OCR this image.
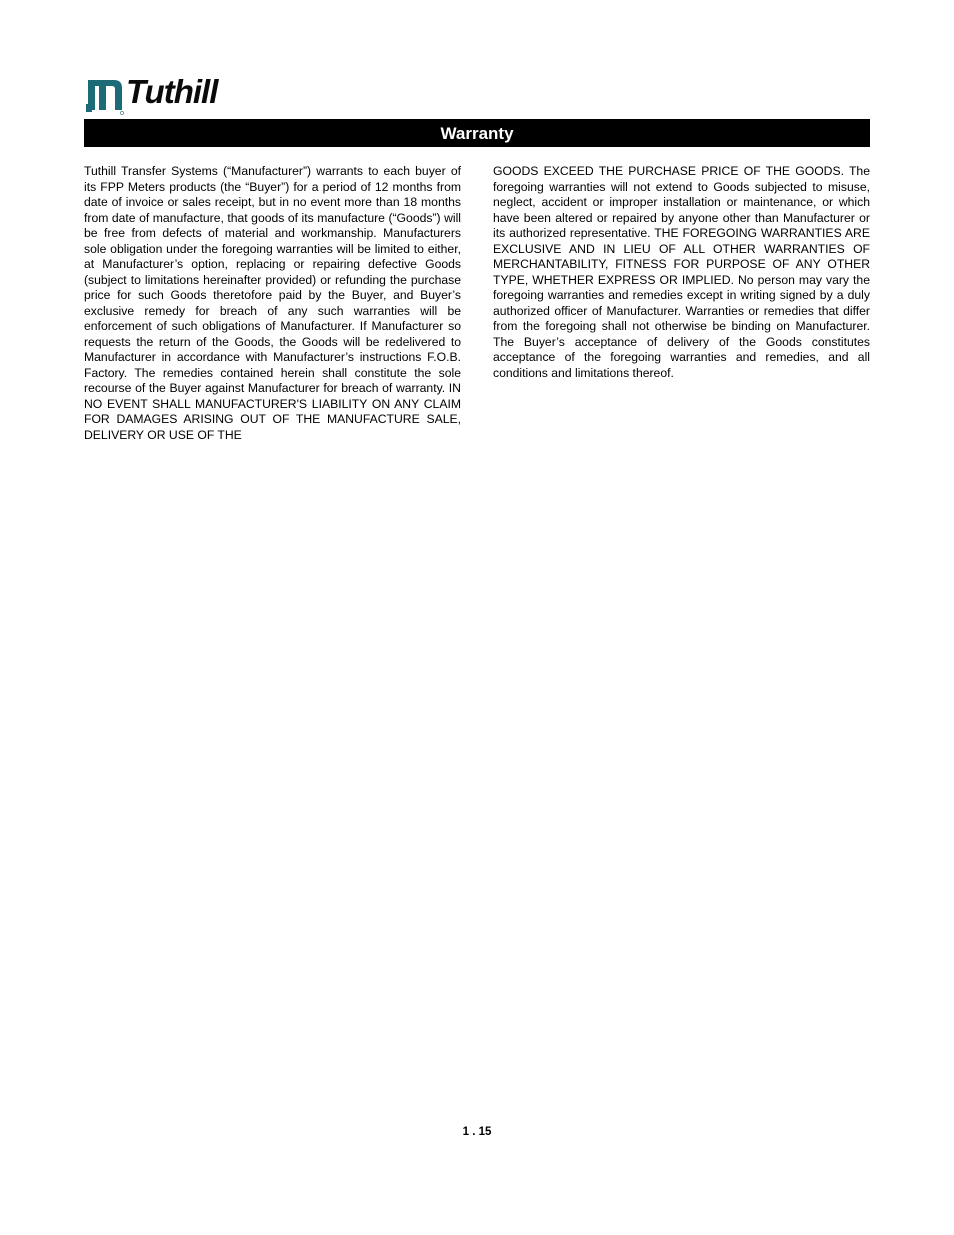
Tuthill
Warranty

Tuthill Transfer Systems (“Manufacturer”) warrants to each buyer of its FPP Meters products (the “Buyer”) for a period of 12 months from date of invoice or sales receipt, but in no event more than 18 months from date of manufacture, that goods of its manufacture (“Goods”) will be free from defects of material and workmanship. Manufacturers sole obligation under the foregoing warranties will be limited to either, at Manufacturer’s option, replacing or repairing defective Goods (subject to limitations hereinafter provided) or refunding the purchase price for such Goods theretofore paid by the Buyer, and Buyer’s exclusive remedy for breach of any such warranties will be enforcement of such obligations of Manufacturer. If Manufacturer so requests the return of the Goods, the Goods will be redelivered to Manufacturer in accordance with Manufacturer’s instructions F.O.B. Factory. The remedies contained herein shall constitute the sole recourse of the Buyer against Manufacturer for breach of warranty. IN NO EVENT SHALL MANUFACTURER'S LIABILITY ON ANY CLAIM FOR DAMAGES ARISING OUT OF THE MANUFACTURE SALE, DELIVERY OR USE OF THE

GOODS EXCEED THE PURCHASE PRICE OF THE GOODS. The foregoing warranties will not extend to Goods subjected to misuse, neglect, accident or improper installation or maintenance, or which have been altered or repaired by anyone other than Manufacturer or its authorized representative. THE FOREGOING WARRANTIES ARE EXCLUSIVE AND IN LIEU OF ALL OTHER WARRANTIES OF MERCHANTABILITY, FITNESS FOR PURPOSE OF ANY OTHER TYPE, WHETHER EXPRESS OR IMPLIED. No person may vary the foregoing warranties and remedies except in writing signed by a duly authorized officer of Manufacturer. Warranties or remedies that differ from the foregoing shall not otherwise be binding on Manufacturer. The Buyer’s acceptance of delivery of the Goods constitutes acceptance of the foregoing warranties and remedies, and all conditions and limitations thereof.

1 . 15
